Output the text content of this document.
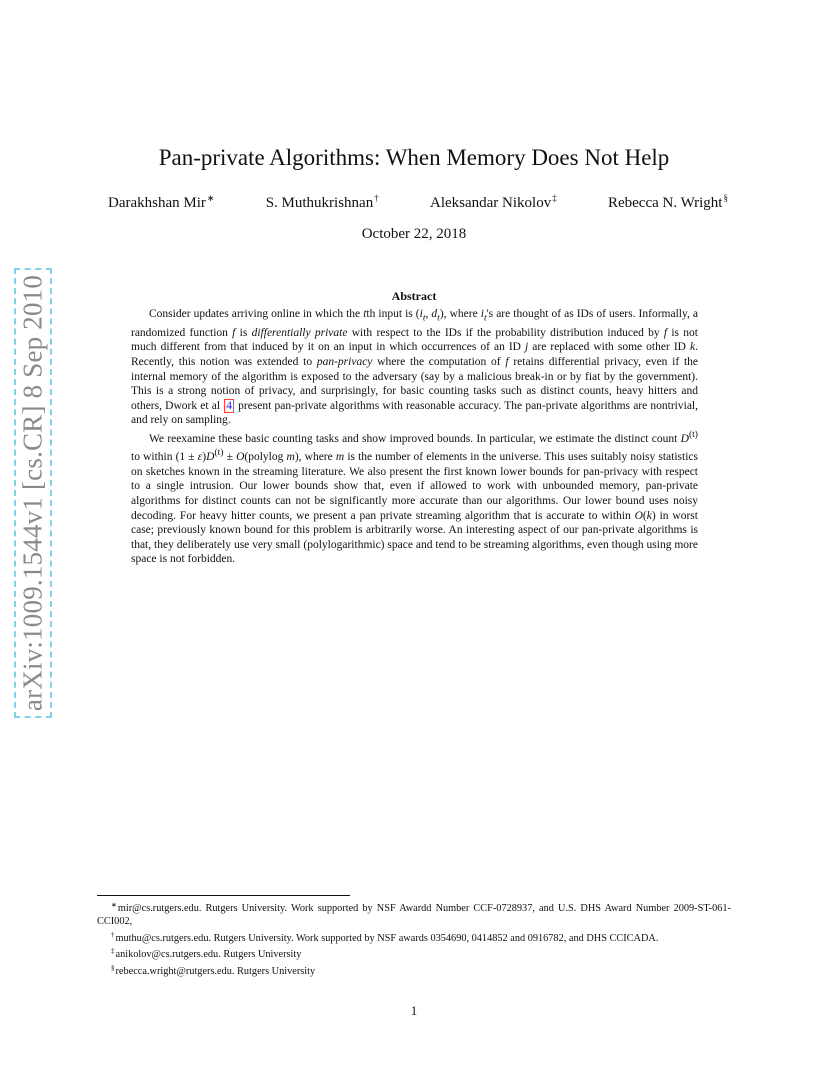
arXiv:1009.1544v1 [cs.CR] 8 Sep 2010
Pan-private Algorithms: When Memory Does Not Help
Darakhshan Mir∗	S. Muthukrishnan†	Aleksandar Nikolov‡	Rebecca N. Wright§
October 22, 2018
Abstract

Consider updates arriving online in which the tth input is ($i_t$, $d_t$), where $i_t's$ are thought of as IDs of users. Informally, a randomized function f is differentially private with respect to the IDs if the probability distribution induced by f is not much different from that induced by it on an input in which occurrences of an ID j are replaced with some other ID k. Recently, this notion was extended to pan-privacy where the computation of f retains differential privacy, even if the internal memory of the algorithm is exposed to the adversary (say by a malicious break-in or by fiat by the government). This is a strong notion of privacy, and surprisingly, for basic counting tasks such as distinct counts, heavy hitters and others, Dwork et al 4 present pan-private algorithms with reasonable accuracy. The pan-private algorithms are nontrivial, and rely on sampling.

We reexamine these basic counting tasks and show improved bounds. In particular, we estimate the distinct count $D^{(t)}$ to within $(1 \pm \varepsilon)D^{(t)}$ ± O(polylog m), where m is the number of elements in the universe. This uses suitably noisy statistics on sketches known in the streaming literature. We also present the first known lower bounds for pan-privacy with respect to a single intrusion. Our lower bounds show that, even if allowed to work with unbounded memory, pan-private algorithms for distinct counts can not be significantly more accurate than our algorithms. Our lower bound uses noisy decoding. For heavy hitter counts, we present a pan private streaming algorithm that is accurate to within O(k) in worst case; previously known bound for this problem is arbitrarily worse. An interesting aspect of our pan-private algorithms is that, they deliberately use very small (polylogarithmic) space and tend to be streaming algorithms, even though using more space is not forbidden.

∗mir@cs.rutgers.edu. Rutgers University. Work supported by NSF Awardd Number CCF-0728937, and U.S. DHS Award Number 2009-ST-061-CCI002,

†muthu@cs.rutgers.edu. Rutgers University. Work supported by NSF awards 0354690, 0414852 and 0916782, and DHS CCICADA.

‡anikolov@cs.rutgers.edu. Rutgers University

§rebecca.wright@rutgers.edu. Rutgers University

1
